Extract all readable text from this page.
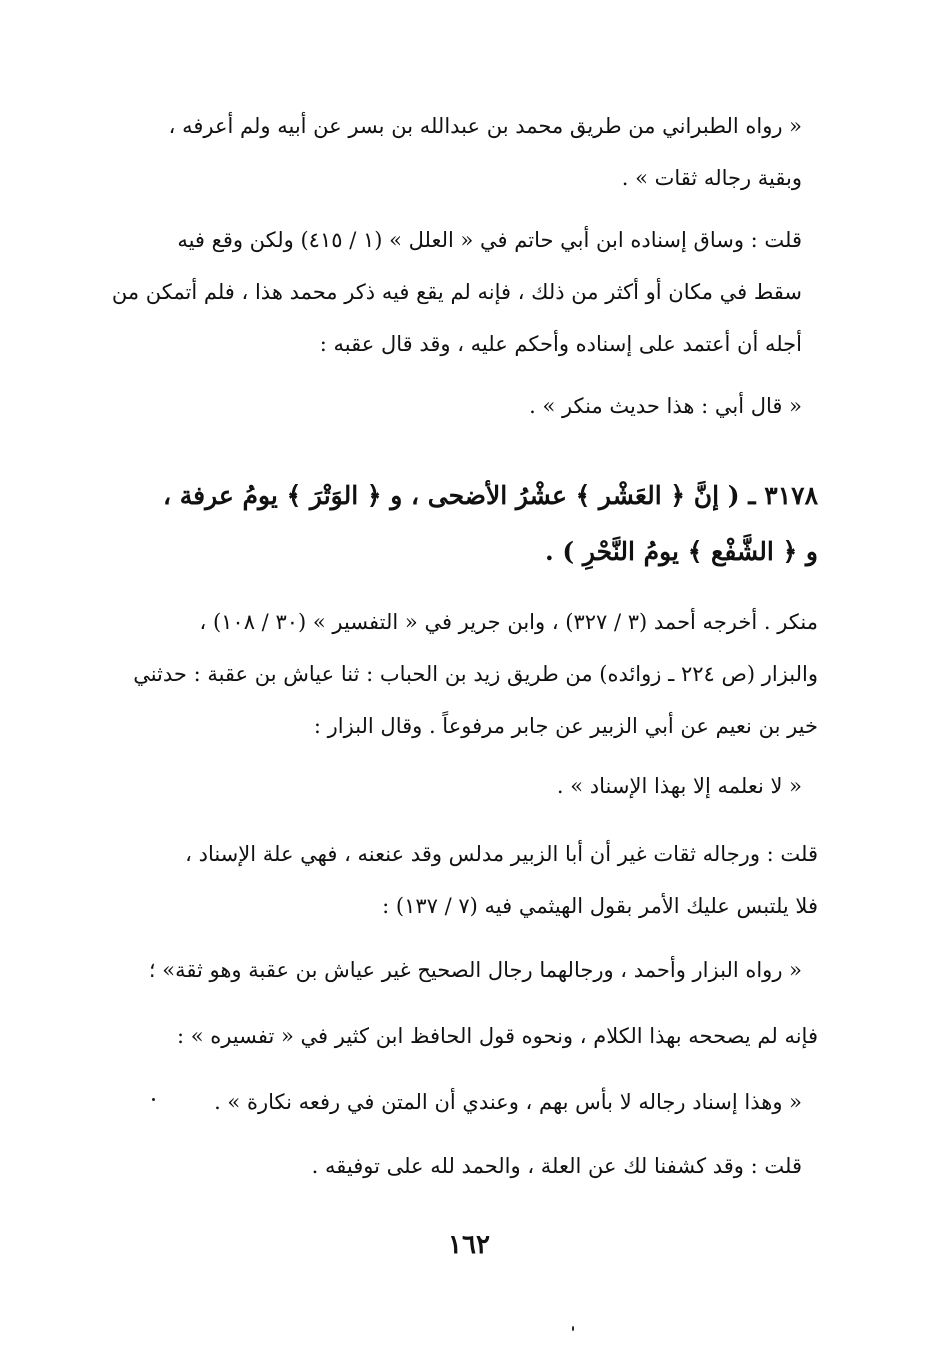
« رواه الطبراني من طريق محمد بن عبدالله بن بسر عن أبيه ولم أعرفه ،

وبقية رجاله ثقات » .

قلت : وساق إسناده ابن أبي حاتم في « العلل » (١ / ٤١٥) ولكن وقع فيه

سقط في مكان أو أكثر من ذلك ، فإنه لم يقع فيه ذكر محمد هذا ، فلم أتمكن من

أجله أن أعتمد على إسناده وأحكم عليه ، وقد قال عقبه :

« قال أبي : هذا حديث منكر » .

٣١٧٨ ـ ( إنَّ ﴿ العَشْر ﴾ عشْرُ الأضحى ، و ﴿ الوَتْرَ ﴾ يومُ عرفة ،

و ﴿ الشَّفْع ﴾ يومُ النَّحْرِ ) .

منكر . أخرجه أحمد (٣ / ٣٢٧) ، وابن جرير في « التفسير » (٣٠ / ١٠٨) ،

والبزار (ص ٢٢٤ ـ زوائده) من طريق زيد بن الحباب : ثنا عياش بن عقبة : حدثني

خير بن نعيم عن أبي الزبير عن جابر مرفوعاً . وقال البزار :

« لا نعلمه إلا بهذا الإسناد » .

قلت : ورجاله ثقات غير أن أبا الزبير مدلس وقد عنعنه ، فهي علة الإسناد ،

فلا يلتبس عليك الأمر بقول الهيثمي فيه (٧ / ١٣٧) :

« رواه البزار وأحمد ، ورجالهما رجال الصحيح غير عياش بن عقبة وهو ثقة» ؛

فإنه لم يصححه بهذا الكلام ، ونحوه قول الحافظ ابن كثير في « تفسيره » :

« وهذا إسناد رجاله لا بأس بهم ، وعندي أن المتن في رفعه نكارة » .

قلت : وقد كشفنا لك عن العلة ، والحمد لله على توفيقه .

١٦٢
